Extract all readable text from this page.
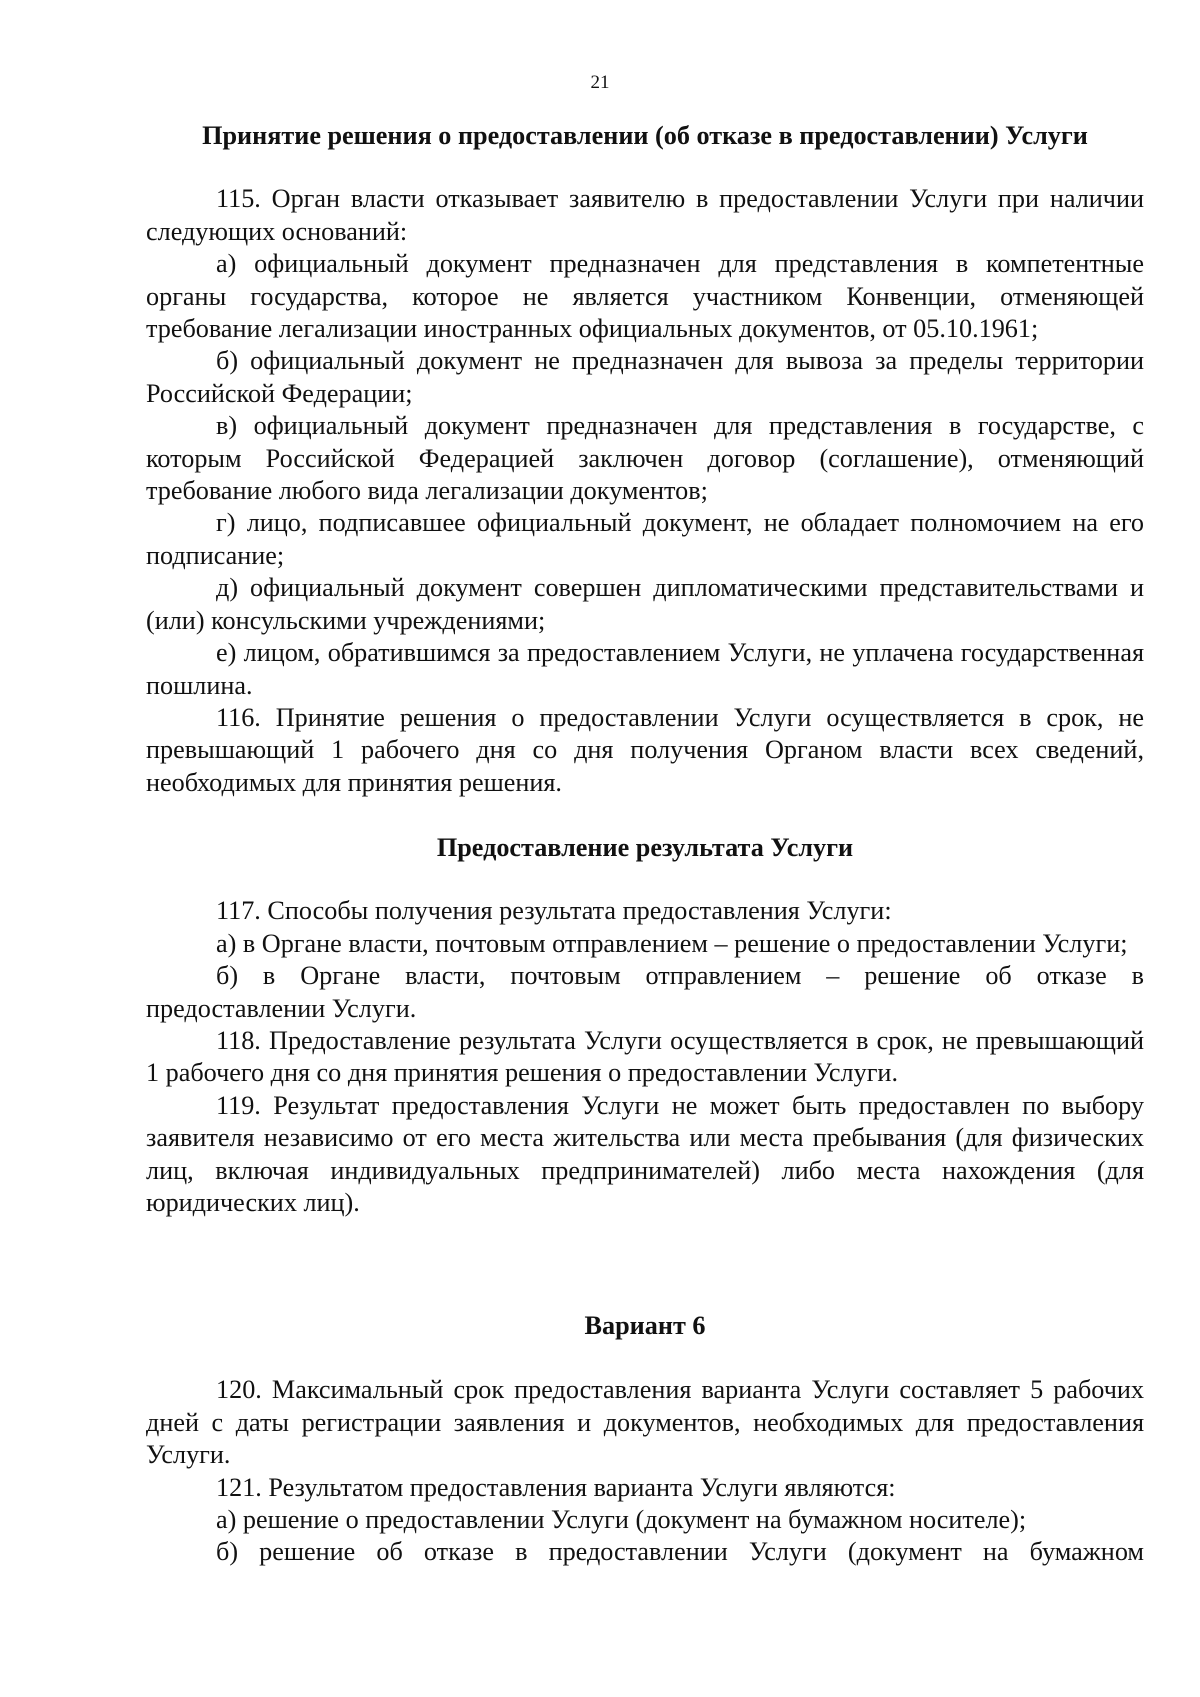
21
Принятие решения о предоставлении (об отказе в предоставлении) Услуги

115. Орган власти отказывает заявителю в предоставлении Услуги при наличии следующих оснований:

а) официальный документ предназначен для представления в компетентные органы государства, которое не является участником Конвенции, отменяющей требование легализации иностранных официальных документов, от 05.10.1961;

б) официальный документ не предназначен для вывоза за пределы территории Российской Федерации;

в) официальный документ предназначен для представления в государстве, с которым Российской Федерацией заключен договор (соглашение), отменяющий требование любого вида легализации документов;

г) лицо, подписавшее официальный документ, не обладает полномочием на его подписание;

д) официальный документ совершен дипломатическими представительствами и (или) консульскими учреждениями;

е) лицом, обратившимся за предоставлением Услуги, не уплачена государственная пошлина.

116. Принятие решения о предоставлении Услуги осуществляется в срок, не превышающий 1 рабочего дня со дня получения Органом власти всех сведений, необходимых для принятия решения.

Предоставление результата Услуги

117. Способы получения результата предоставления Услуги:

а) в Органе власти, почтовым отправлением – решение о предоставлении Услуги;

б) в Органе власти, почтовым отправлением – решение об отказе в предоставлении Услуги.

118. Предоставление результата Услуги осуществляется в срок, не превышающий 1 рабочего дня со дня принятия решения о предоставлении Услуги.

119. Результат предоставления Услуги не может быть предоставлен по выбору заявителя независимо от его места жительства или места пребывания (для физических лиц, включая индивидуальных предпринимателей) либо места нахождения (для юридических лиц).

Вариант 6

120. Максимальный срок предоставления варианта Услуги составляет 5 рабочих дней с даты регистрации заявления и документов, необходимых для предоставления Услуги.

121. Результатом предоставления варианта Услуги являются:

а) решение о предоставлении Услуги (документ на бумажном носителе);

б) решение об отказе в предоставлении Услуги (документ на бумажном
